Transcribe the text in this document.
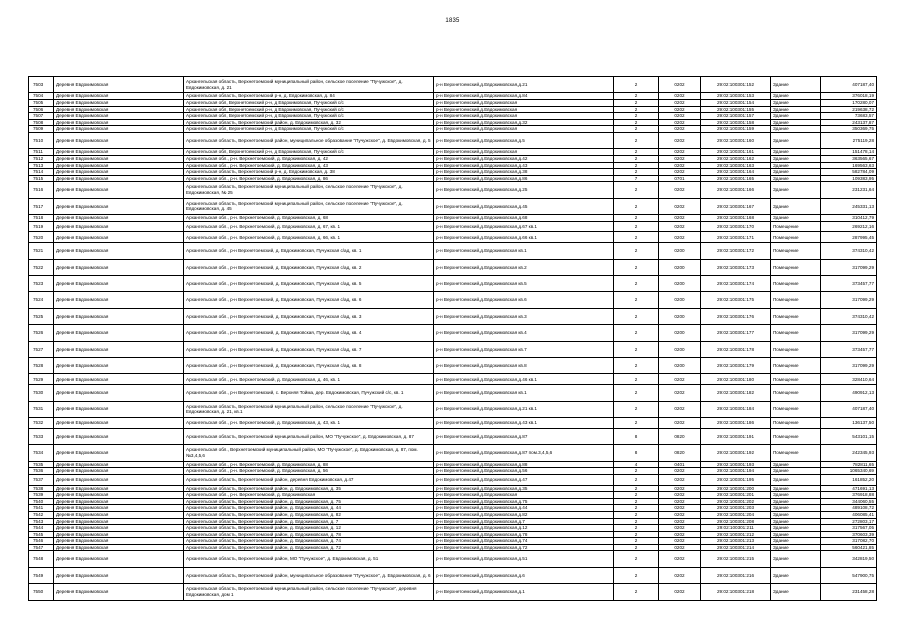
1835
7503	Деревня Евдокимовская	Архангельская область, Верхнетоемский муниципальный район, сельское поселение "Пучужское", д. Евдокимовская, д. 21	р-н Верхнетоемский,д.Евдокимовская,д.21	2	0202	29:02:100301:152	Здание	407187,40
7504	Деревня Евдокимовская	Архангельская область, Верхнетоемский р-н, д. Евдокимовская, д. 84	р-н Верхнетоемский,д.Евдокимовская,д.84	2	0202	29:02:100301:153	Здание	376018,19
7505	Деревня Евдокимовская	Архангельская обл, Верхнетоемский р-н, д Евдокимовская, Пучужский с/с	р-н Верхнетоемский,д.Евдокимовская	2	0202	29:02:100301:154	Здание	170280,07
7506	Деревня Евдокимовская	Архангельская обл, Верхнетоемский р-н, д Евдокимовская, Пучужский с/с	р-н Верхнетоемский,д.Евдокимовская	2	0202	29:02:100301:155	Здание	219638,72
7507	Деревня Евдокимовская	Архангельская обл, Верхнетоемский р-н, д Евдокимовская, Пучужский с/с	р-н Верхнетоемский,д.Евдокимовская	2	0202	29:02:100301:157	Здание	73683,57
7508	Деревня Евдокимовская	Архангельская область, Верхнетоемский район, д. Евдокимовская, д. 32	р-н Верхнетоемский,д.Евдокимовская,д.32	2	0202	29:02:100301:158	Здание	243137,87
7509	Деревня Евдокимовская	Архангельская обл, Верхнетоемский р-н, д Евдокимовская, Пучужский с/с	р-н Верхнетоемский,д.Евдокимовская	2	0202	29:02:100301:159	Здание	350369,75
7510	Деревня Евдокимовская	Архангельская область, Верхнетоемский район, муниципальное образование "Пучужское", д. Евдокимовская, д. 5	р-н Верхнетоемский,д.Евдокимовская,д.5	2	0202	29:02:100301:160	Здание	275119,28
7511	Деревня Евдокимовская	Архангельская обл, Верхнетоемский р-н, д Евдокимовская, Пучужский с/с	р-н Верхнетоемский,д.Евдокимовская	2	0202	29:02:100301:161	Здание	151478,14
7512	Деревня Евдокимовская	Архангельская обл., р-н. Верхнетоемский, д. Евдокимовская, д. 42	р-н Верхнетоемский,д.Евдокимовская,д.42	2	0202	29:02:100301:162	Здание	363565,67
7513	Деревня Евдокимовская	Архангельская обл., р-н. Верхнетоемский, д. Евдокимовская, д. 43	р-н Верхнетоемский,д.Евдокимовская,д.43	2	0202	29:02:100301:163	Здание	169563,63
7514	Деревня Евдокимовская	Архангельская область, Верхнетоемский р-н, д. Евдокимовская, д. 38	р-н Верхнетоемский,д.Евдокимовская,д.38	2	0202	29:02:100301:164	Здание	582784,09
7515	Деревня Евдокимовская	Архангельская обл., р-н. Верхнетоемский, д. Евдокимовская, д. 86	р-н Верхнетоемский,д.Евдокимовская,д.86	7	0701	29:02:100301:165	Здание	109383,95
7516	Деревня Евдокимовская	Архангельская область, Верхнетоемский муниципальный район, сельское поселение "Пучужское", д. Евдокимовская, № 25	р-н Верхнетоемский,д.Евдокимовская,д.25	2	0202	29:02:100301:166	Здание	231231,64
7517	Деревня Евдокимовская	Архангельская область, Верхнетоемский муниципальный район, сельское поселение "Пучужское", д. Евдокимовская, д. 45	р-н Верхнетоемский,д.Евдокимовская,д.45	2	0202	29:02:100301:167	Здание	245331,13
7518	Деревня Евдокимовская	Архангельская обл., р-н. Верхнетоемский, д. Евдокимовская, д. 68	р-н Верхнетоемский,д.Евдокимовская,д.68	2	0202	29:02:100301:168	Здание	310412,79
7519	Деревня Евдокимовская	Архангельская обл., р-н. Верхнетоемский, д. Евдокимовская, д. 67, кв. 1	р-н Верхнетоемский,д.Евдокимовская,д.67 кв.1	2	0202	29:02:100301:170	Помещение	269212,16
7520	Деревня Евдокимовская	Архангельская обл., р-н. Верхнетоемский, д. Евдокимовская, д. 66, кв. 1	р-н Верхнетоемский,д.Евдокимовская,д.66 кв.1	2	0202	29:02:100301:171	Помещение	287995,45
7521	Деревня Евдокимовская	Архангельская обл., р-н Верхнетоемский, д. Евдокимовская, Пучужская с/ад, кв. 1	р-н Верхнетоемский,д.Евдокимовская кв.1	2	0200	29:02:100301:172	Помещение	374310,42
7522	Деревня Евдокимовская	Архангельская обл., р-н Верхнетоемский, д. Евдокимовская, Пучужская с/ад, кв. 2	р-н Верхнетоемский,д.Евдокимовская кв.2	2	0200	29:02:100301:173	Помещение	317099,29
7523	Деревня Евдокимовская	Архангельская обл., р-н Верхнетоемский, д. Евдокимовская, Пучужская с/ад, кв. 5	р-н Верхнетоемский,д.Евдокимовская кв.5	2	0200	29:02:100301:174	Помещение	373457,77
7524	Деревня Евдокимовская	Архангельская обл., р-н Верхнетоемский, д. Евдокимовская, Пучужская с/ад, кв. 6	р-н Верхнетоемский,д.Евдокимовская кв.6	2	0200	29:02:100301:175	Помещение	317099,29
7525	Деревня Евдокимовская	Архангельская обл., р-н Верхнетоемский, д. Евдокимовская, Пучужская с/ад, кв. 3	р-н Верхнетоемский,д.Евдокимовская кв.3	2	0200	29:02:100301:176	Помещение	374310,42
7526	Деревня Евдокимовская	Архангельская обл., р-н Верхнетоемский, д. Евдокимовская, Пучужская с/ад, кв. 4	р-н Верхнетоемский,д.Евдокимовская кв.4	2	0200	29:02:100301:177	Помещение	317099,29
7527	Деревня Евдокимовская	Архангельская обл., р-н Верхнетоемский, д. Евдокимовская, Пучужская с/ад, кв. 7	р-н Верхнетоемский,д.Евдокимовская кв.7	2	0200	29:02:100301:178	Помещение	373457,77
7528	Деревня Евдокимовская	Архангельская обл., р-н Верхнетоемский, д. Евдокимовская, Пучужская с/ад, кв. 8	р-н Верхнетоемский,д.Евдокимовская кв.8	2	0200	29:02:100301:179	Помещение	317099,29
7529	Деревня Евдокимовская	Архангельская обл., р-н. Верхнетоемский, д. Евдокимовская, д. 46, кв. 1	р-н Верхнетоемский,д.Евдокимовская,д.46 кв.1	2	0202	29:02:100301:180	Помещение	328410,64
7530	Деревня Евдокимовская	Архангельская обл., р-н Верхнетоемский, с. Верхняя Тойма, дер. Евдокимовская, Пучужский с/с, кв. 1	р-н Верхнетоемский,д.Евдокимовская кв.1	2	0202	29:02:100301:182	Помещение	490912,13
7531	Деревня Евдокимовская	Архангельская область, Верхнетоемский муниципальный район, сельское поселение "Пучужское", д. Евдокимовская, д. 21, кв.1	р-н Верхнетоемский,д.Евдокимовская,д.21 кв.1	2	0202	29:02:100301:184	Помещение	407187,40
7532	Деревня Евдокимовская	Архангельская обл., р-н. Верхнетоемский, д. Евдокимовская, д. 43, кв. 1	р-н Верхнетоемский,д.Евдокимовская,д.43 кв.1	2	0202	29:02:100301:186	Помещение	136137,50
7533	Деревня Евдокимовская	Архангельская область, Верхнетоемский муниципальный район, МО "Пучужское", д. Евдокимовская, д. 87	р-н Верхнетоемский,д.Евдокимовская,д.87	8	0820	29:02:100301:191	Помещение	543101,15
7534	Деревня Евдокимовская	Архангельская обл., Верхнетоемский муниципальный район, МО "Пучужское", д. Евдокимовская, д. 87, пом. №3,4,5,6	р-н Верхнетоемский,д.Евдокимовская,д.87 пом.3,4,5,6	8	0820	29:02:100301:192	Помещение	242345,93
7535	Деревня Евдокимовская	Архангельская обл., р-н. Верхнетоемский, д. Евдокимовская, д. 88	р-н Верхнетоемский,д.Евдокимовская,д.88	4	0401	29:02:100301:193	Здание	782811,65
7536	Деревня Евдокимовская	Архангельская обл., р-н. Верхнетоемский, д. Евдокимовская, д. 56	р-н Верхнетоемский,д.Евдокимовская,д.56	2	0202	29:02:100301:194	Здание	1065340,69
7537	Деревня Евдокимовская	Архангельская область, Верхнетоемский район, деревня Евдокимовская, д.47	р-н Верхнетоемский,д.Евдокимовская,д.47	2	0202	29:02:100301:195	Здание	161852,20
7538	Деревня Евдокимовская	Архангельская область, Верхнетоемский район, д. Евдокимовская, д. 35	р-н Верхнетоемский,д.Евдокимовская,д.35	2	0202	29:02:100301:200	Здание	471691,13
7539	Деревня Евдокимовская	Архангельская обл., р-н. Верхнетоемский, д. Евдокимовская	р-н Верхнетоемский,д.Евдокимовская	2	0202	29:02:100301:201	Здание	376918,88
7540	Деревня Евдокимовская	Архангельская область, Верхнетоемский район, д. Евдокимовская, д. 75	р-н Верхнетоемский,д.Евдокимовская,д.75	2	0202	29:02:100301:202	Здание	344060,55
7541	Деревня Евдокимовская	Архангельская область, Верхнетоемский район, д. Евдокимовская, д. 44	р-н Верхнетоемский,д.Евдокимовская,д.44	2	0202	29:02:100301:203	Здание	489108,72
7542	Деревня Евдокимовская	Архангельская область, Верхнетоемский район, д. Евдокимовская, д. 82	р-н Верхнетоемский,д.Евдокимовская,д.82	2	0202	29:02:100301:204	Здание	406085,41
7543	Деревня Евдокимовская	Архангельская область, Верхнетоемский район, д. Евдокимовская, д. 7	р-н Верхнетоемский,д.Евдокимовская,д.7	2	0202	29:02:100301:208	Здание	272803,17
7544	Деревня Евдокимовская	Архангельская область, Верхнетоемский район, д. Евдокимовская, д. 12	р-н Верхнетоемский,д.Евдокимовская,д.12	2	0202	29:02:100301:211	Здание	317567,05
7545	Деревня Евдокимовская	Архангельская область, Верхнетоемский район, д. Евдокимовская, д. 78	р-н Верхнетоемский,д.Евдокимовская,д.78	2	0202	29:02:100301:212	Здание	370603,39
7546	Деревня Евдокимовская	Архангельская область, Верхнетоемский район, д. Евдокимовская, д. 74	р-н Верхнетоемский,д.Евдокимовская,д.74	2	0202	29:02:100301:213	Здание	317082,70
7547	Деревня Евдокимовская	Архангельская область, Верхнетоемский район, д. Евдокимовская, д. 72	р-н Верхнетоемский,д.Евдокимовская,д.72	2	0202	29:02:100301:214	Здание	560421,85
7548	Деревня Евдокимовская	Архангельская область, Верхнетоемский район, МО "Пучужское", д. Евдокимовская, д. 51	р-н Верхнетоемский,д.Евдокимовская,д.51	2	0202	29:02:100301:215	Здание	342819,50
7549	Деревня Евдокимовская	Архангельская область, Верхнетоемский район, муниципальное образование "Пучужское", д. Евдокимовская, д. 6	р-н Верхнетоемский,д.Евдокимовская,д.6	2	0202	29:02:100301:216	Здание	547900,75
7550	Деревня Евдокимовская	Архангельская область, Верхнетоемский муниципальный район, сельское поселение "Пучужское", деревня Евдокимовская, дом 1	р-н Верхнетоемский,д.Евдокимовская,д.1	2	0202	29:02:100301:218	Здание	231458,28
